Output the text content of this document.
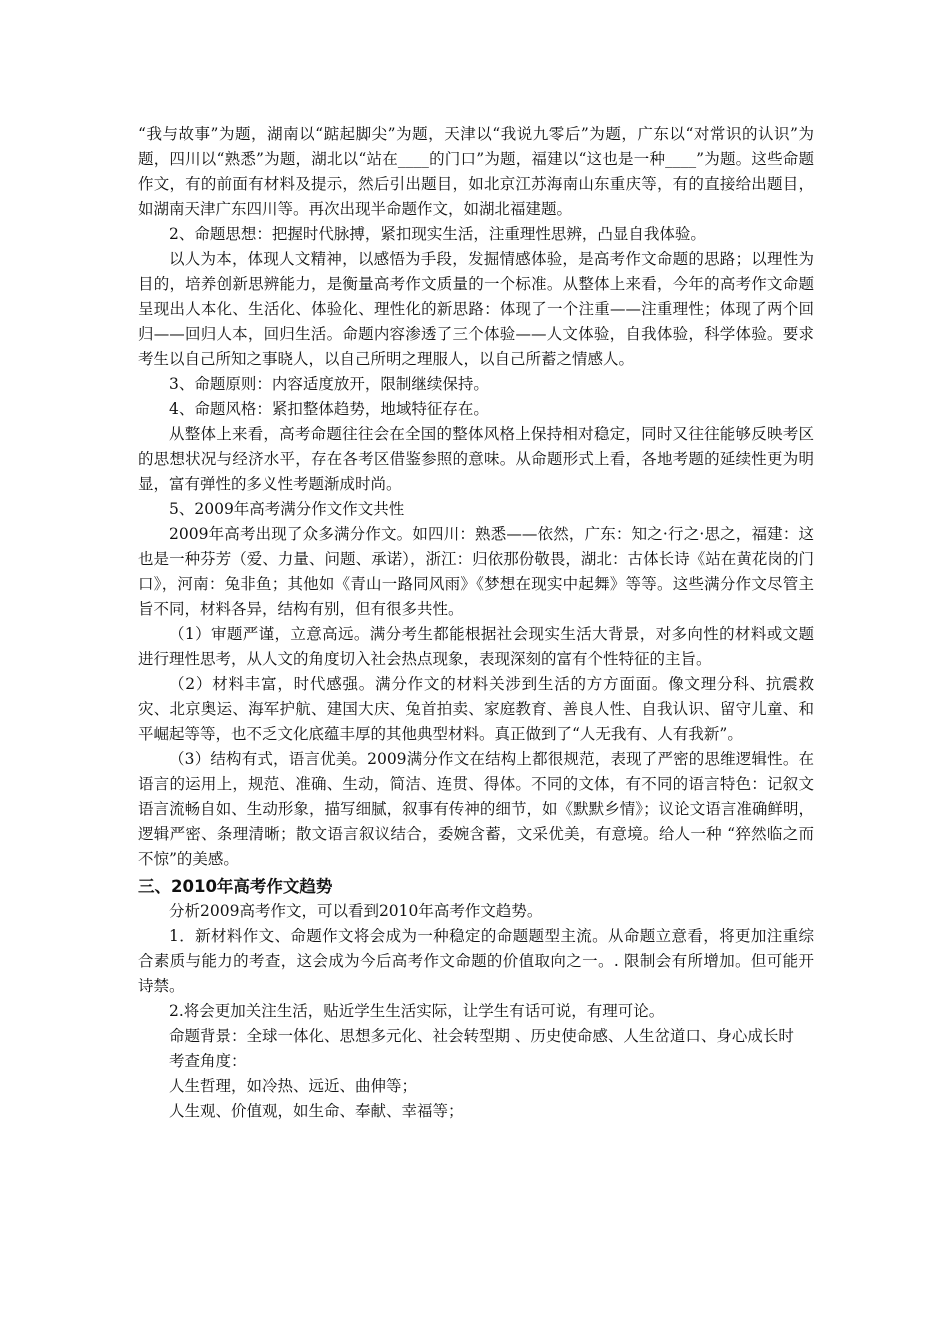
“我与故事”为题，湖南以“踮起脚尖”为题，天津以“我说九零后”为题，广东以“对常识的认识”为题，四川以“熟悉”为题，湖北以“站在____的门口”为题，福建以“这也是一种____”为题。这些命题作文，有的前面有材料及提示，然后引出题目，如北京江苏海南山东重庆等，有的直接给出题目，如湖南天津广东四川等。再次出现半命题作文，如湖北福建题。

2、命题思想：把握时代脉搏，紧扣现实生活，注重理性思辨，凸显自我体验。

以人为本，体现人文精神，以感悟为手段，发掘情感体验，是高考作文命题的思路；以理性为目的，培养创新思辨能力，是衡量高考作文质量的一个标准。从整体上来看，今年的高考作文命题呈现出人本化、生活化、体验化、理性化的新思路：体现了一个注重——注重理性；体现了两个回归——回归人本，回归生活。命题内容渗透了三个体验——人文体验，自我体验，科学体验。要求考生以自己所知之事晓人，以自己所明之理服人，以自己所蓄之情感人。

3、命题原则：内容适度放开，限制继续保持。

4、命题风格：紧扣整体趋势，地域特征存在。

从整体上来看，高考命题往往会在全国的整体风格上保持相对稳定，同时又往往能够反映考区的思想状况与经济水平，存在各考区借鉴参照的意味。从命题形式上看，各地考题的延续性更为明显，富有弹性的多义性考题渐成时尚。

5、2009年高考满分作文作文共性

2009年高考出现了众多满分作文。如四川：熟悉——依然，广东：知之·行之·思之，福建：这也是一种芬芳（爱、力量、问题、承诺），浙江：归依那份敬畏，湖北：古体长诗《站在黄花岗的门口》，河南：兔非鱼；其他如《青山一路同风雨》《梦想在现实中起舞》等等。这些满分作文尽管主旨不同，材料各异，结构有别，但有很多共性。

（1）审题严谨，立意高远。满分考生都能根据社会现实生活大背景，对多向性的材料或文题进行理性思考，从人文的角度切入社会热点现象，表现深刻的富有个性特征的主旨。

（2）材料丰富，时代感强。满分作文的材料关涉到生活的方方面面。像文理分科、抗震救灾、北京奥运、海军护航、建国大庆、兔首拍卖、家庭教育、善良人性、自我认识、留守儿童、和平崛起等等，也不乏文化底蕴丰厚的其他典型材料。真正做到了“人无我有、人有我新”。

（3）结构有式，语言优美。2009满分作文在结构上都很规范，表现了严密的思维逻辑性。在语言的运用上，规范、准确、生动，简洁、连贯、得体。不同的文体，有不同的语言特色：记叙文语言流畅自如、生动形象，描写细腻，叙事有传神的细节，如《默默乡情》；议论文语言准确鲜明，逻辑严密、条理清晰；散文语言叙议结合，委婉含蓄，文采优美，有意境。给人一种 “猝然临之而不惊”的美感。

三、2010年高考作文趋势

分析2009高考作文，可以看到2010年高考作文趋势。

1．新材料作文、命题作文将会成为一种稳定的命题题型主流。从命题立意看，将更加注重综合素质与能力的考查，这会成为今后高考作文命题的价值取向之一。. 限制会有所增加。但可能开诗禁。

2.将会更加关注生活，贴近学生生活实际，让学生有话可说，有理可论。

命题背景：全球一体化、思想多元化、社会转型期 、历史使命感、人生岔道口、身心成长时

考查角度：

人生哲理，如冷热、远近、曲伸等；

人生观、价值观，如生命、奉献、幸福等；
